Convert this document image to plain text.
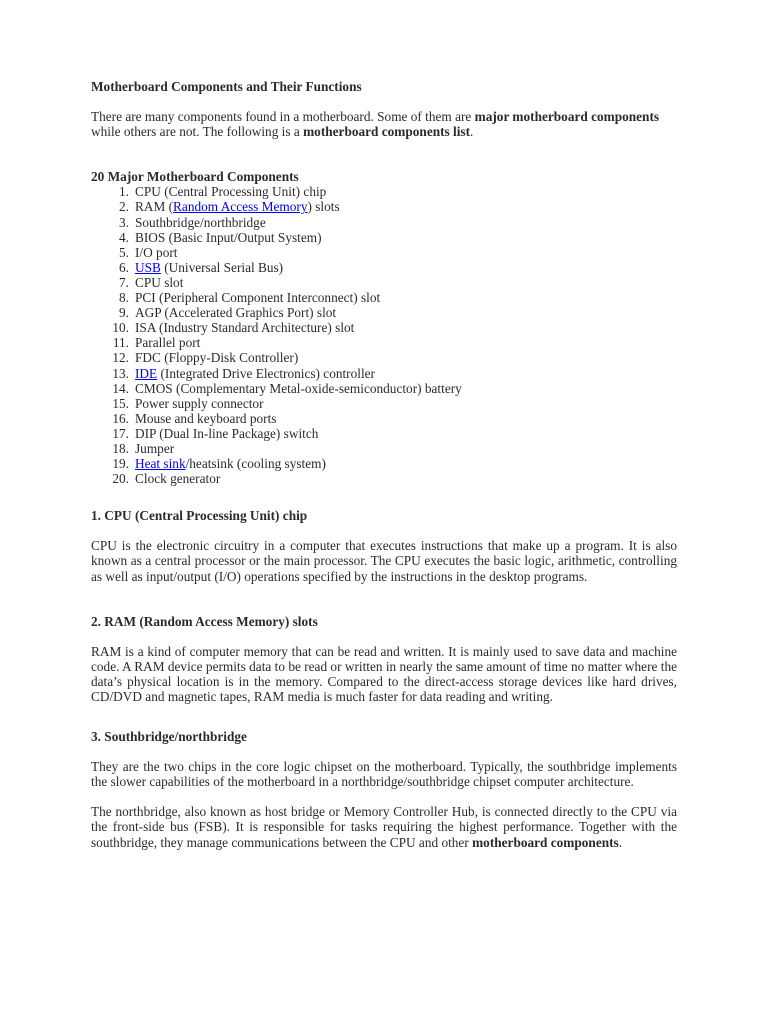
Motherboard Components and Their Functions

There are many components found in a motherboard. Some of them are major motherboard components while others are not. The following is a motherboard components list.

20 Major Motherboard Components
1. CPU (Central Processing Unit) chip
2. RAM (Random Access Memory) slots
3. Southbridge/northbridge
4. BIOS (Basic Input/Output System)
5. I/O port
6. USB (Universal Serial Bus)
7. CPU slot
8. PCI (Peripheral Component Interconnect) slot
9. AGP (Accelerated Graphics Port) slot
10. ISA (Industry Standard Architecture) slot
11. Parallel port
12. FDC (Floppy-Disk Controller)
13. IDE (Integrated Drive Electronics) controller
14. CMOS (Complementary Metal-oxide-semiconductor) battery
15. Power supply connector
16. Mouse and keyboard ports
17. DIP (Dual In-line Package) switch
18. Jumper
19. Heat sink/heatsink (cooling system)
20. Clock generator
1. CPU (Central Processing Unit) chip

CPU is the electronic circuitry in a computer that executes instructions that make up a program. It is also known as a central processor or the main processor. The CPU executes the basic logic, arithmetic, controlling as well as input/output (I/O) operations specified by the instructions in the desktop programs.

2. RAM (Random Access Memory) slots

RAM is a kind of computer memory that can be read and written. It is mainly used to save data and machine code. A RAM device permits data to be read or written in nearly the same amount of time no matter where the data’s physical location is in the memory. Compared to the direct-access storage devices like hard drives, CD/DVD and magnetic tapes, RAM media is much faster for data reading and writing.

3. Southbridge/northbridge

They are the two chips in the core logic chipset on the motherboard. Typically, the southbridge implements the slower capabilities of the motherboard in a northbridge/southbridge chipset computer architecture.

The northbridge, also known as host bridge or Memory Controller Hub, is connected directly to the CPU via the front-side bus (FSB). It is responsible for tasks requiring the highest performance. Together with the southbridge, they manage communications between the CPU and other motherboard components.
